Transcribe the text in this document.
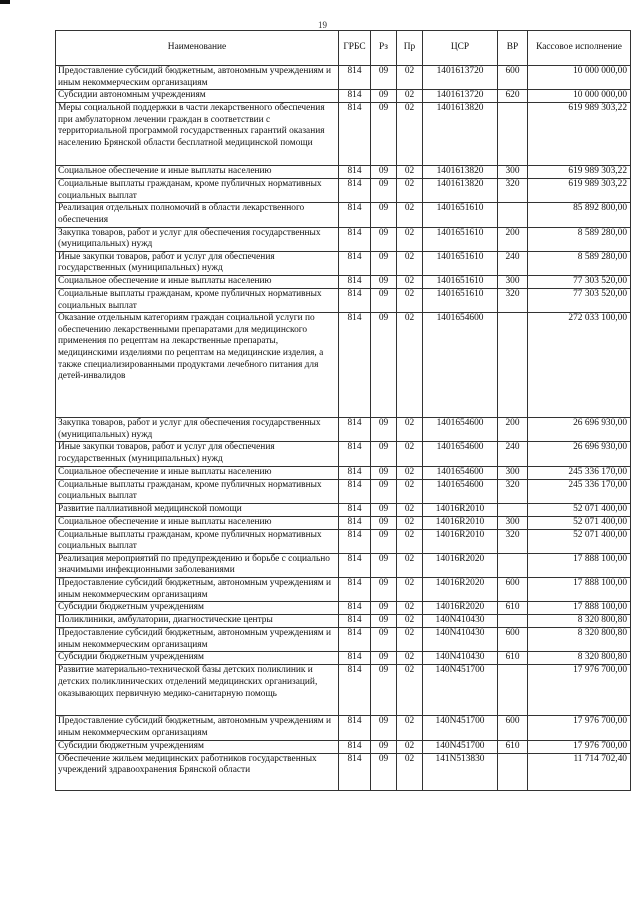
19
Наименование	ГРБС	Рз	Пр	ЦСР	ВР	Кассовое исполнение
Предоставление субсидий бюджетным, автономным учреждениям и иным некоммерческим организациям	814	09	02	1401613720	600	10 000 000,00
Субсидии автономным учреждениям	814	09	02	1401613720	620	10 000 000,00
Меры социальной поддержки в части лекарственного обеспечения при амбулаторном лечении граждан в соответствии с территориальной программой государственных гарантий оказания населению Брянской области бесплатной медицинской помощи	814	09	02	1401613820		619 989 303,22
Социальное обеспечение и иные выплаты населению	814	09	02	1401613820	300	619 989 303,22
Социальные выплаты гражданам, кроме публичных нормативных социальных выплат	814	09	02	1401613820	320	619 989 303,22
Реализация отдельных полномочий в области лекарственного обеспечения	814	09	02	1401651610		85 892 800,00
Закупка товаров, работ и услуг для обеспечения государственных (муниципальных) нужд	814	09	02	1401651610	200	8 589 280,00
Иные закупки товаров, работ и услуг для обеспечения государственных (муниципальных) нужд	814	09	02	1401651610	240	8 589 280,00
Социальное обеспечение и иные выплаты населению	814	09	02	1401651610	300	77 303 520,00
Социальные выплаты гражданам, кроме публичных нормативных социальных выплат	814	09	02	1401651610	320	77 303 520,00
Оказание отдельным категориям граждан социальной услуги по обеспечению лекарственными препаратами для медицинского применения по рецептам на лекарственные препараты, медицинскими изделиями по рецептам на медицинские изделия, а также специализированными продуктами лечебного питания для детей-инвалидов	814	09	02	1401654600		272 033 100,00
Закупка товаров, работ и услуг для обеспечения государственных (муниципальных) нужд	814	09	02	1401654600	200	26 696 930,00
Иные закупки товаров, работ и услуг для обеспечения государственных (муниципальных) нужд	814	09	02	1401654600	240	26 696 930,00
Социальное обеспечение и иные выплаты населению	814	09	02	1401654600	300	245 336 170,00
Социальные выплаты гражданам, кроме публичных нормативных социальных выплат	814	09	02	1401654600	320	245 336 170,00
Развитие паллиативной медицинской помощи	814	09	02	14016R2010		52 071 400,00
Социальное обеспечение и иные выплаты населению	814	09	02	14016R2010	300	52 071 400,00
Социальные выплаты гражданам, кроме публичных нормативных социальных выплат	814	09	02	14016R2010	320	52 071 400,00
Реализация мероприятий по предупреждению и борьбе с социально значимыми инфекционными заболеваниями	814	09	02	14016R2020		17 888 100,00
Предоставление субсидий бюджетным, автономным учреждениям и иным некоммерческим организациям	814	09	02	14016R2020	600	17 888 100,00
Субсидии бюджетным учреждениям	814	09	02	14016R2020	610	17 888 100,00
Поликлиники, амбулатории, диагностические центры	814	09	02	140N410430		8 320 800,80
Предоставление субсидий бюджетным, автономным учреждениям и иным некоммерческим организациям	814	09	02	140N410430	600	8 320 800,80
Субсидии бюджетным учреждениям	814	09	02	140N410430	610	8 320 800,80
Развитие материально-технической базы детских поликлиник и детских поликлинических отделений медицинских организаций, оказывающих первичную медико-санитарную помощь	814	09	02	140N451700		17 976 700,00
Предоставление субсидий бюджетным, автономным учреждениям и иным некоммерческим организациям	814	09	02	140N451700	600	17 976 700,00
Субсидии бюджетным учреждениям	814	09	02	140N451700	610	17 976 700,00
Обеспечение жильем медицинских работников государственных учреждений здравоохранения Брянской области	814	09	02	141N513830		11 714 702,40
